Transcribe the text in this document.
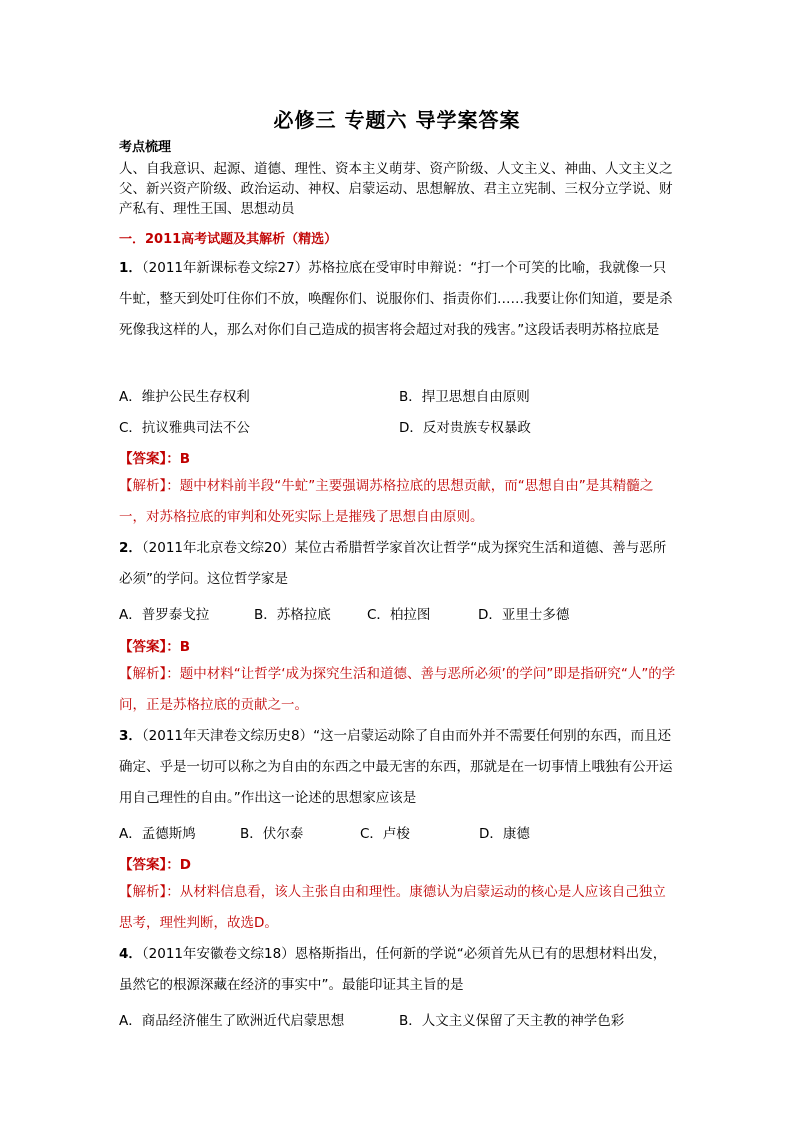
必修三 专题六 导学案答案
考点梳理
人、自我意识、起源、道德、理性、资本主义萌芽、资产阶级、人文主义、神曲、人文主义之父、新兴资产阶级、政治运动、神权、启蒙运动、思想解放、君主立宪制、三权分立学说、财产私有、理性王国、思想动员
一．2011高考试题及其解析（精选）
1．（2011年新课标卷文综27）苏格拉底在受审时申辩说：“打一个可笑的比喻，我就像一只牛虻，整天到处叮住你们不放，唤醒你们、说服你们、指责你们……我要让你们知道，要是杀死像我这样的人，那么对你们自己造成的损害将会超过对我的残害。”这段话表明苏格拉底是
A．维护公民生存权利	B．捍卫思想自由原则
C．抗议雅典司法不公	D．反对贵族专权暴政
【答案】：B
【解析】：题中材料前半段“牛虻”主要强调苏格拉底的思想贡献，而“思想自由”是其精髓之一，对苏格拉底的审判和处死实际上是摧残了思想自由原则。
2．（2011年北京卷文综20）某位古希腊哲学家首次让哲学“成为探究生活和道德、善与恶所必须”的学问。这位哲学家是
A．普罗泰戈拉	B．苏格拉底	C．柏拉图	D．亚里士多德
【答案】：B
【解析】：题中材料“让哲学‘成为探究生活和道德、善与恶所必须’的学问”即是指研究“人”的学问，正是苏格拉底的贡献之一。
3．（2011年天津卷文综历史8）“这一启蒙运动除了自由而外并不需要任何别的东西，而且还确定、乎是一切可以称之为自由的东西之中最无害的东西，那就是在一切事情上哦独有公开运用自己理性的自由。”作出这一论述的思想家应该是
A．孟德斯鸠	B．伏尔泰	C．卢梭	D．康德
【答案】：D
【解析】：从材料信息看，该人主张自由和理性。康德认为启蒙运动的核心是人应该自己独立思考，理性判断，故选D。
4．（2011年安徽卷文综18）恩格斯指出，任何新的学说“必须首先从已有的思想材料出发，虽然它的根源深藏在经济的事实中”。最能印证其主旨的是
A．商品经济催生了欧洲近代启蒙思想	B．人文主义保留了天主教的神学色彩
